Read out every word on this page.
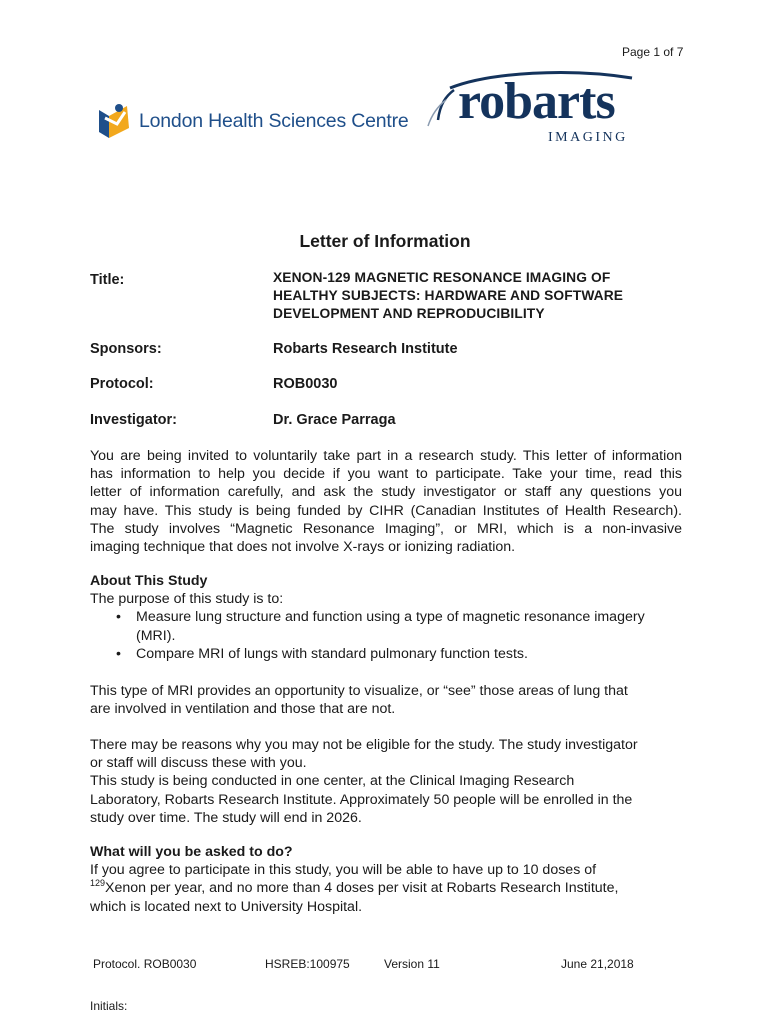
Page 1 of 7
London Health Sciences Centre robarts
IMAGING
Letter of Information
Title:	XENON-129 MAGNETIC RESONANCE IMAGING OF
HEALTHY SUBJECTS: HARDWARE AND SOFTWARE
DEVELOPMENT AND REPRODUCIBILITY
Sponsors:	Robarts Research Institute
Protocol:	ROB0030
Investigator:	Dr. Grace Parraga
You are being invited to voluntarily take part in a research study. This letter of information
has information to help you decide if you want to participate. Take your time, read this
letter of information carefully, and ask the study investigator or staff any questions you
may have. This study is being funded by CIHR (Canadian Institutes of Health Research).
The study involves “Magnetic Resonance Imaging”, or MRI, which is a non-invasive
imaging technique that does not involve X-rays or ionizing radiation.
About This Study
The purpose of this study is to:
• Measure lung structure and function using a type of magnetic resonance imagery
(MRI).
• Compare MRI of lungs with standard pulmonary function tests.
This type of MRI provides an opportunity to visualize, or “see” those areas of lung that
are involved in ventilation and those that are not.
There may be reasons why you may not be eligible for the study. The study investigator
or staff will discuss these with you.
This study is being conducted in one center, at the Clinical Imaging Research
Laboratory, Robarts Research Institute. Approximately 50 people will be enrolled in the
study over time. The study will end in 2026.
What will you be asked to do?
If you agree to participate in this study, you will be able to have up to 10 doses of
$^{129}$Xenon per year, and no more than 4 doses per visit at Robarts Research Institute,
which is located next to University Hospital.
Protocol. ROB0030	HSREB:100975	Version 11	June 21,2018
Initials:
